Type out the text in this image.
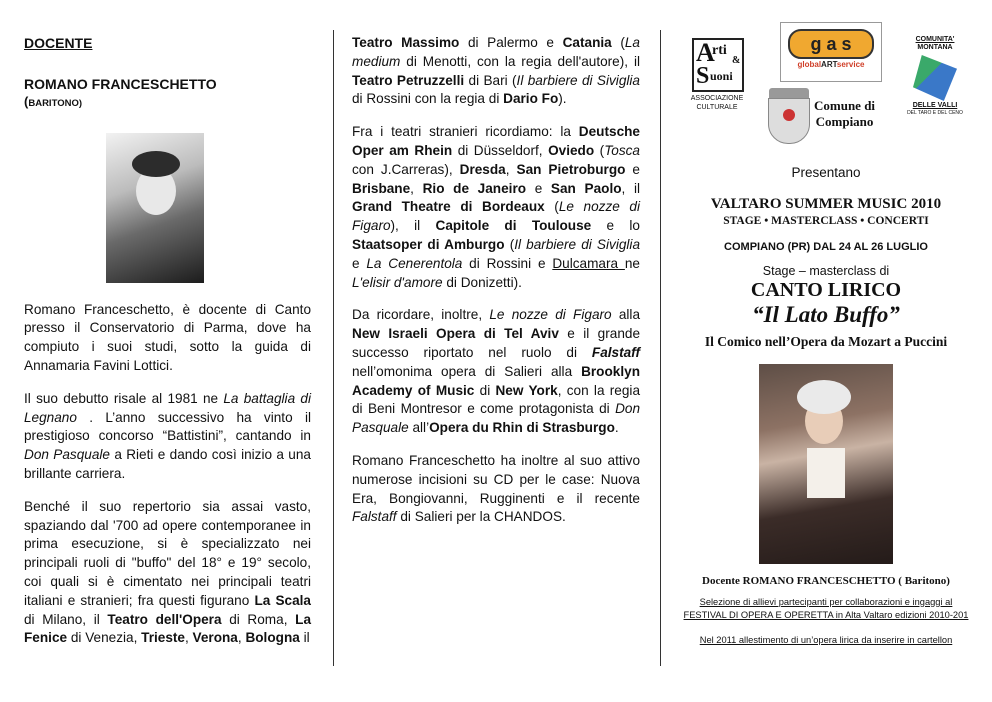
DOCENTE
ROMANO FRANCESCHETTO
(BARITONO)

Romano Franceschetto, è docente di Canto presso il Conservatorio di Parma, dove ha compiuto i suoi studi, sotto la guida di Annamaria Favini Lottici.

Il suo debutto risale al 1981 ne La battaglia di Legnano . L’anno successivo ha vinto il prestigioso concorso “Battistini”, cantando in Don Pasquale a Rieti e dando così inizio a una brillante carriera.

Benché il suo repertorio sia assai vasto, spaziando dal '700 ad opere contemporanee in prima esecuzione, si è specializzato nei principali ruoli di "buffo" del 18° e 19° secolo, coi quali si è cimentato nei principali teatri italiani e stranieri; fra questi figurano La Scala di Milano, il Teatro dell'Opera di Roma, La Fenice di Venezia, Trieste, Verona, Bologna il

Teatro Massimo di Palermo e Catania (La medium di Menotti, con la regia dell'autore), il Teatro Petruzzelli di Bari (Il barbiere di Siviglia di Rossini con la regia di Dario Fo).

Fra i teatri stranieri ricordiamo: la Deutsche Oper am Rhein di Düsseldorf, Oviedo (Tosca con J.Carreras), Dresda, San Pietroburgo e Brisbane, Rio de Janeiro e San Paolo, il Grand Theatre di Bordeaux (Le nozze di Figaro), il Capitole di Toulouse e lo Staatsoper di Amburgo (Il barbiere di Siviglia e La Cenerentola di Rossini e Dulcamara ne L'elisir d'amore di Donizetti).

Da ricordare, inoltre, Le nozze di Figaro alla New Israeli Opera di Tel Aviv e il grande successo riportato nel ruolo di Falstaff nell’omonima opera di Salieri alla Brooklyn Academy of Music di New York, con la regia di Beni Montresor e come protagonista di Don Pasquale all’Opera du Rhin di Strasburgo.

Romano Franceschetto ha inoltre al suo attivo numerose incisioni su CD per le case: Nuova Era, Bongiovanni, Rugginenti e il recente Falstaff di Salieri per la CHANDOS.

A
rti
&
S uoni
ASSOCIAZIONE
CULTURALE
g a s
globalARTservice
COMUNITA'
MONTANA
DELLE VALLI
DEL TARO E DEL CENO
Comune di
Compiano
Presentano
VALTARO SUMMER MUSIC 2010
STAGE • MASTERCLASS • CONCERTI
COMPIANO (PR) DAL 24 AL 26 LUGLIO
Stage – masterclass di
CANTO LIRICO
“Il Lato Buffo”
Il Comico nell’Opera da Mozart a Puccini
Docente ROMANO FRANCESCHETTO ( Baritono)
Selezione di allievi partecipanti per collaborazioni e ingaggi al
FESTIVAL DI OPERA E OPERETTA in Alta Valtaro edizioni 2010-201
Nel 2011 allestimento di un’opera lirica da inserire in cartellon
